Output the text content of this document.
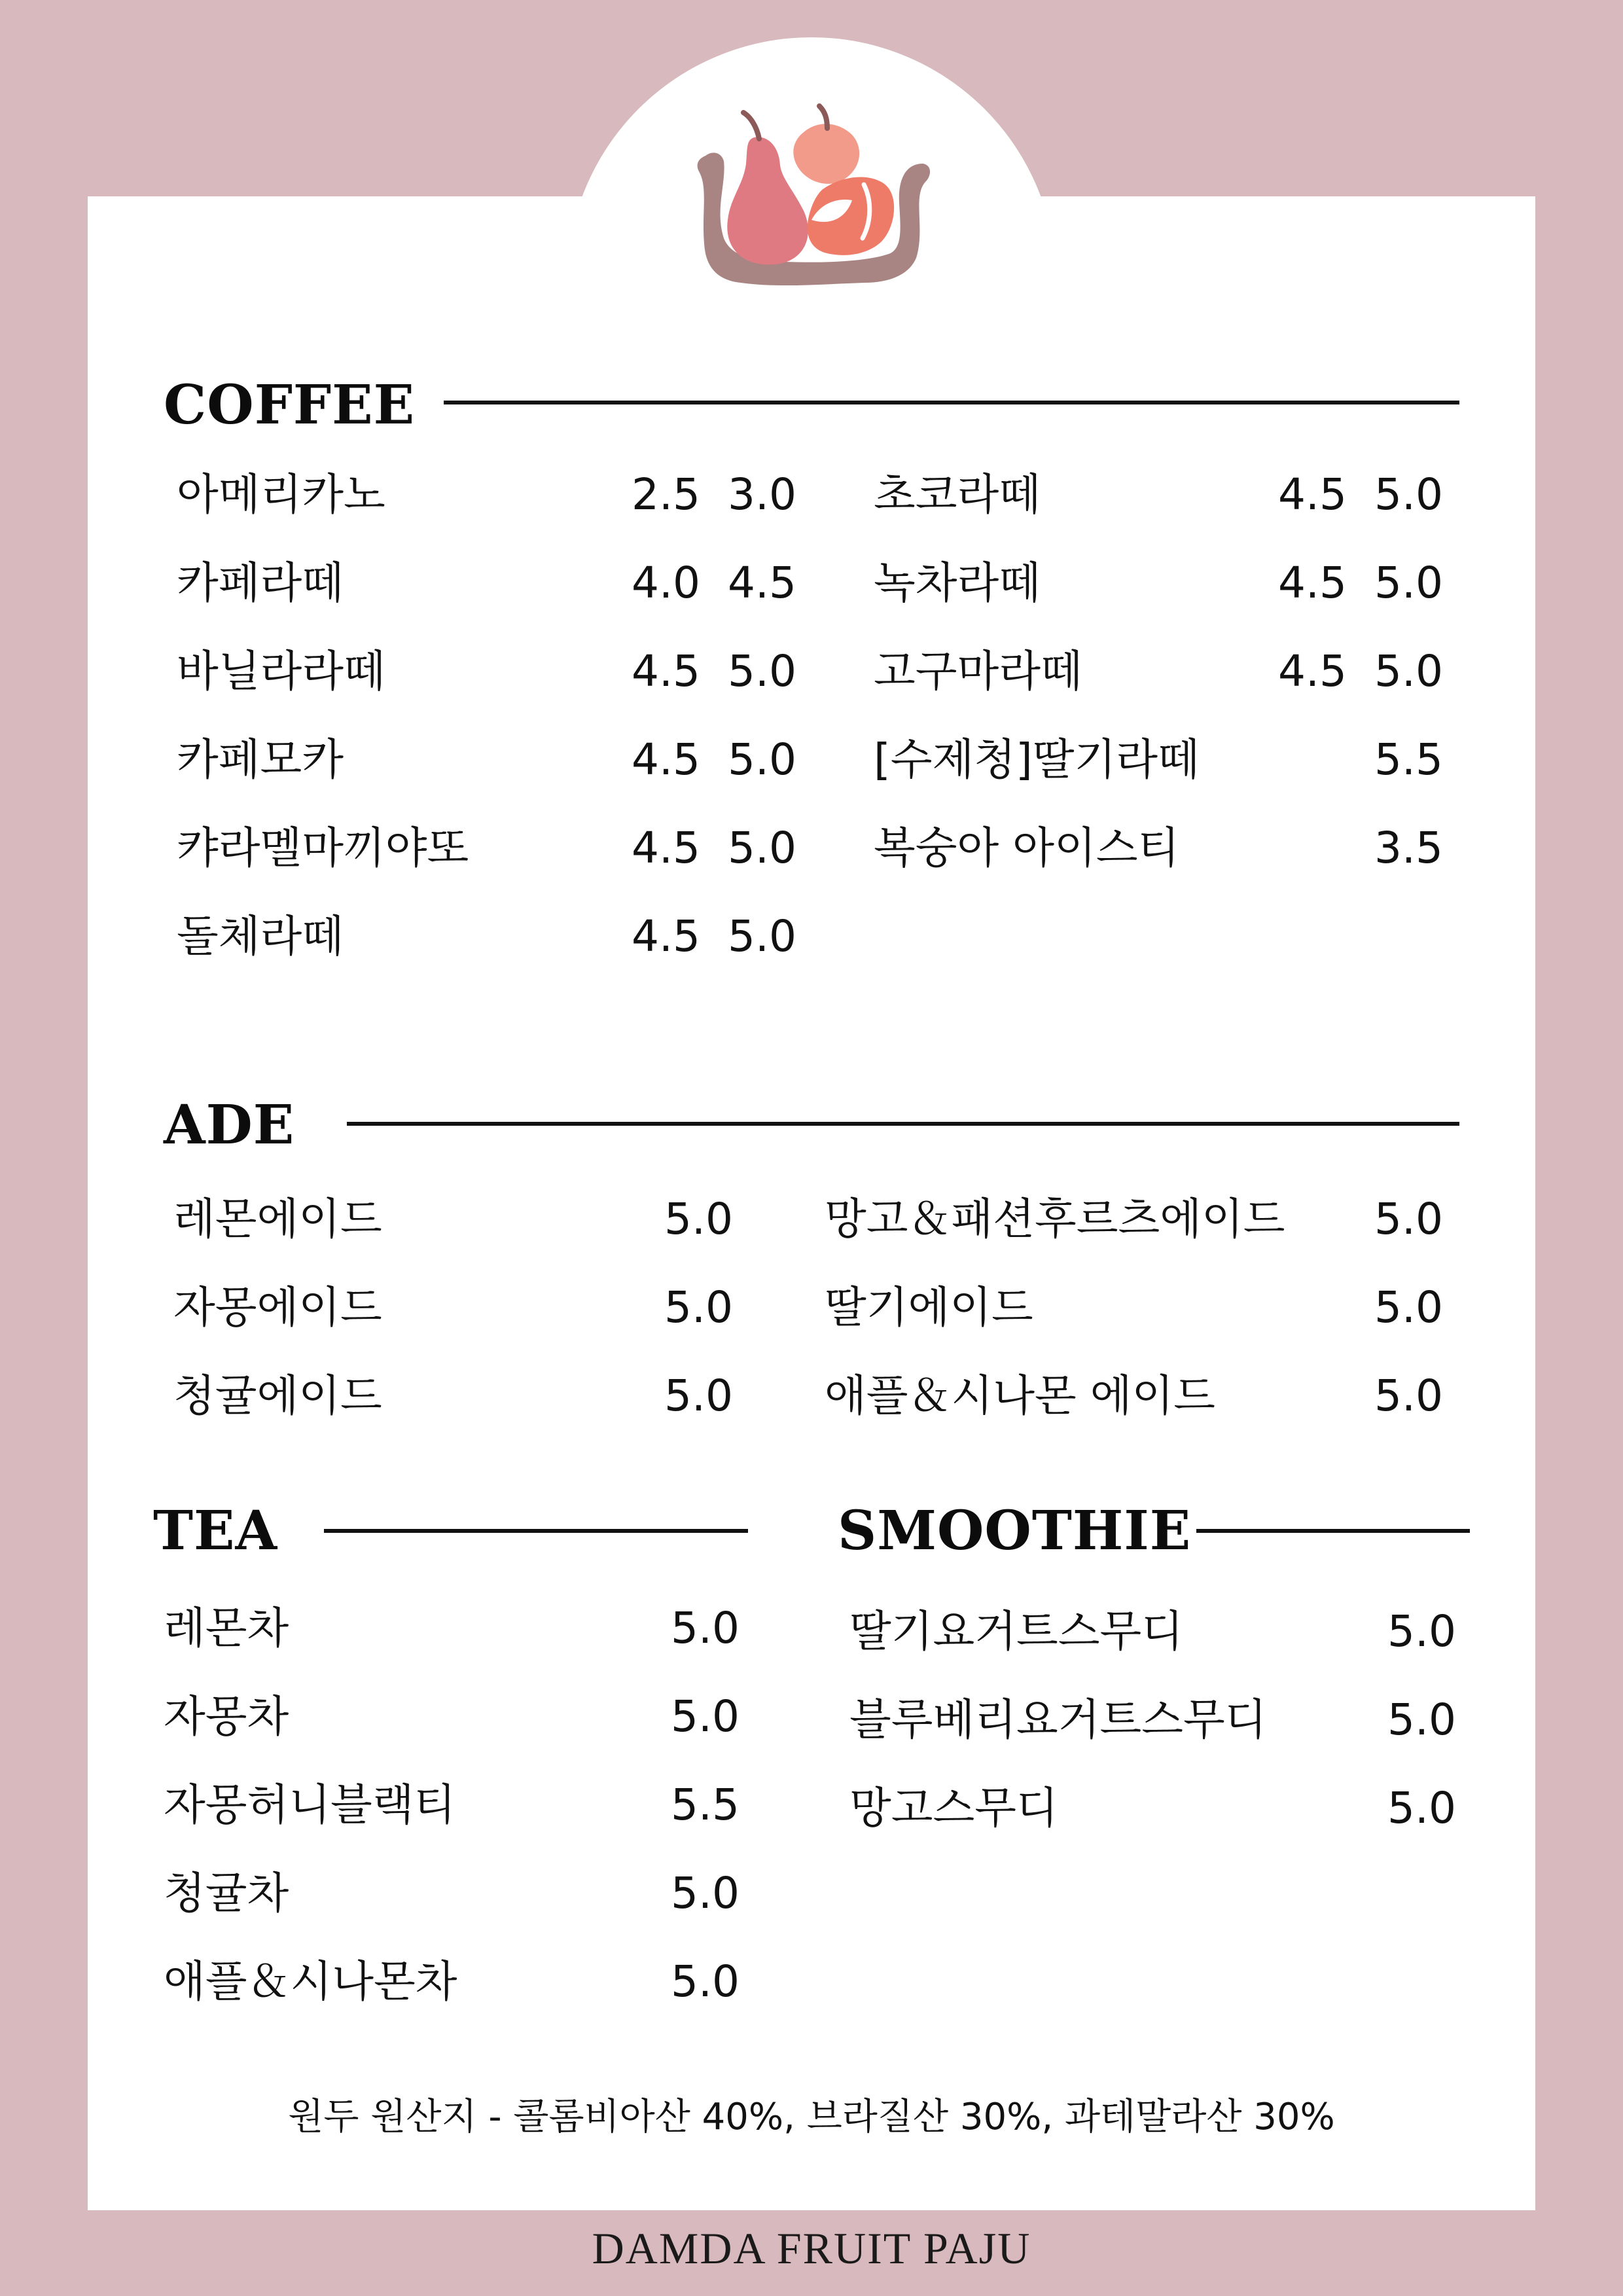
COFFEE
아메리카노	2.5 3.0
카페라떼	4.0 4.5
바닐라라떼	4.5 5.0
카페모카	4.5 5.0
캬라멜마끼야또	4.5 5.0
돌체라떼	4.5 5.0
초코라떼	4.5 5.0
녹차라떼	4.5 5.0
고구마라떼	4.5 5.0
[수제청]딸기라떼	5.5
복숭아 아이스티	3.5
ADE
레몬에이드	5.0
자몽에이드	5.0
청귤에이드	5.0
망고＆패션후르츠에이드 5.0
딸기에이드	5.0
애플＆시나몬 에이드	5.0
TEA
레몬차	5.0
자몽차	5.0
자몽허니블랙티	5.5
청귤차	5.0
애플＆시나몬차	5.0
SMOOTHIE
딸기요거트스무디	5.0
블루베리요거트스무디	5.0
망고스무디	5.0
원두 원산지 - 콜롬비아산 40%, 브라질산 30%, 과테말라산 30%
DAMDA FRUIT PAJU
